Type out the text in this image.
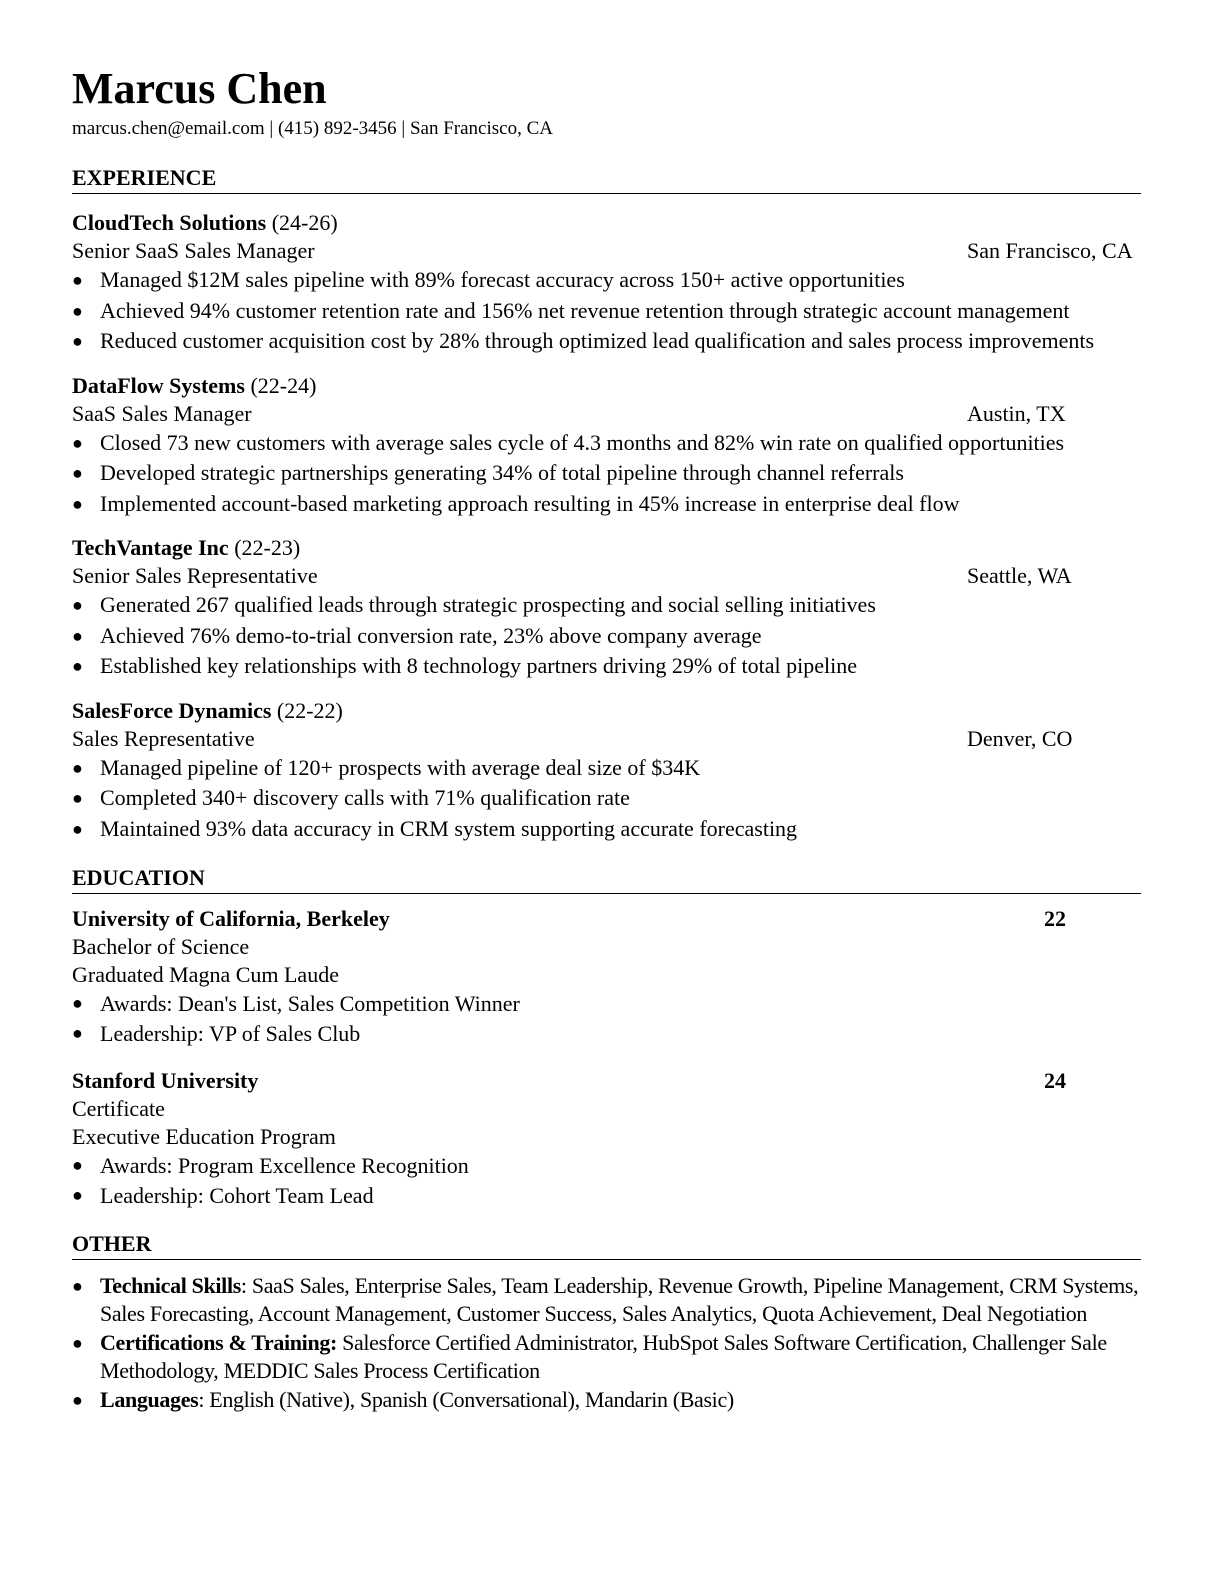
Marcus Chen
marcus.chen@email.com | (415) 892-3456 | San Francisco, CA
EXPERIENCE
CloudTech Solutions (24-26)
Senior SaaS Sales Manager	San Francisco, CA
● Managed $12M sales pipeline with 89% forecast accuracy across 150+ active opportunities
● Achieved 94% customer retention rate and 156% net revenue retention through strategic account management
● Reduced customer acquisition cost by 28% through optimized lead qualification and sales process improvements
DataFlow Systems (22-24)
SaaS Sales Manager	Austin, TX
● Closed 73 new customers with average sales cycle of 4.3 months and 82% win rate on qualified opportunities
● Developed strategic partnerships generating 34% of total pipeline through channel referrals
● Implemented account-based marketing approach resulting in 45% increase in enterprise deal flow
TechVantage Inc (22-23)
Senior Sales Representative	Seattle, WA
● Generated 267 qualified leads through strategic prospecting and social selling initiatives
● Achieved 76% demo-to-trial conversion rate, 23% above company average
● Established key relationships with 8 technology partners driving 29% of total pipeline
SalesForce Dynamics (22-22)
Sales Representative	Denver, CO
● Managed pipeline of 120+ prospects with average deal size of $34K
● Completed 340+ discovery calls with 71% qualification rate
● Maintained 93% data accuracy in CRM system supporting accurate forecasting
EDUCATION
University of California, Berkeley	22
Bachelor of Science
Graduated Magna Cum Laude
● Awards: Dean's List, Sales Competition Winner
● Leadership: VP of Sales Club
Stanford University	24
Certificate
Executive Education Program
● Awards: Program Excellence Recognition
● Leadership: Cohort Team Lead
OTHER
● Technical Skills: SaaS Sales, Enterprise Sales, Team Leadership, Revenue Growth, Pipeline Management, CRM Systems, Sales Forecasting, Account Management, Customer Success, Sales Analytics, Quota Achievement, Deal Negotiation
● Certifications & Training: Salesforce Certified Administrator, HubSpot Sales Software Certification, Challenger Sale Methodology, MEDDIC Sales Process Certification
● Languages: English (Native), Spanish (Conversational), Mandarin (Basic)
